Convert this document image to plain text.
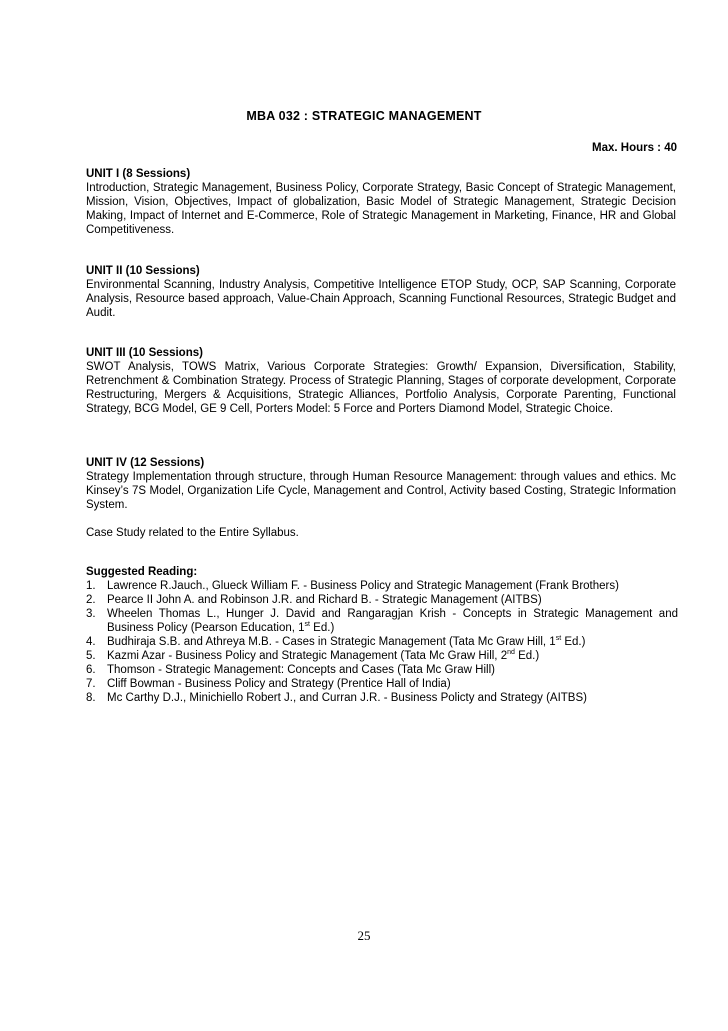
MBA 032 : STRATEGIC MANAGEMENT
Max. Hours : 40
UNIT I (8 Sessions)
Introduction, Strategic Management, Business Policy, Corporate Strategy, Basic Concept of Strategic Management, Mission, Vision, Objectives, Impact of globalization, Basic Model of Strategic Management, Strategic Decision Making, Impact of Internet and E-Commerce, Role of Strategic Management in Marketing, Finance, HR and Global Competitiveness.
UNIT II (10 Sessions)
Environmental Scanning, Industry Analysis, Competitive Intelligence ETOP Study, OCP, SAP Scanning, Corporate Analysis, Resource based approach, Value-Chain Approach, Scanning Functional Resources, Strategic Budget and Audit.
UNIT III (10 Sessions)
SWOT Analysis, TOWS Matrix, Various Corporate Strategies: Growth/ Expansion, Diversification, Stability, Retrenchment & Combination Strategy. Process of Strategic Planning, Stages of corporate development, Corporate Restructuring, Mergers & Acquisitions, Strategic Alliances, Portfolio Analysis, Corporate Parenting, Functional Strategy, BCG Model, GE 9 Cell, Porters Model: 5 Force and Porters Diamond Model, Strategic Choice.
UNIT IV (12 Sessions)
Strategy Implementation through structure, through Human Resource Management: through values and ethics. Mc Kinsey’s 7S Model, Organization Life Cycle, Management and Control, Activity based Costing, Strategic Information System.
Case Study related to the Entire Syllabus.
Suggested Reading:
1. Lawrence R.Jauch., Glueck William F. - Business Policy and Strategic Management (Frank Brothers)
2. Pearce II John A. and Robinson J.R. and Richard B. - Strategic Management (AITBS)
3. Wheelen Thomas L., Hunger J. David and Rangaragjan Krish - Concepts in Strategic Management and Business Policy (Pearson Education, 1st Ed.)
4. Budhiraja S.B. and Athreya M.B. - Cases in Strategic Management (Tata Mc Graw Hill, 1st Ed.)
5. Kazmi Azar - Business Policy and Strategic Management (Tata Mc Graw Hill, 2nd Ed.)
6. Thomson - Strategic Management: Concepts and Cases (Tata Mc Graw Hill)
7. Cliff Bowman - Business Policy and Strategy (Prentice Hall of India)
8. Mc Carthy D.J., Minichiello Robert J., and Curran J.R. - Business Policty and Strategy (AITBS)
25
